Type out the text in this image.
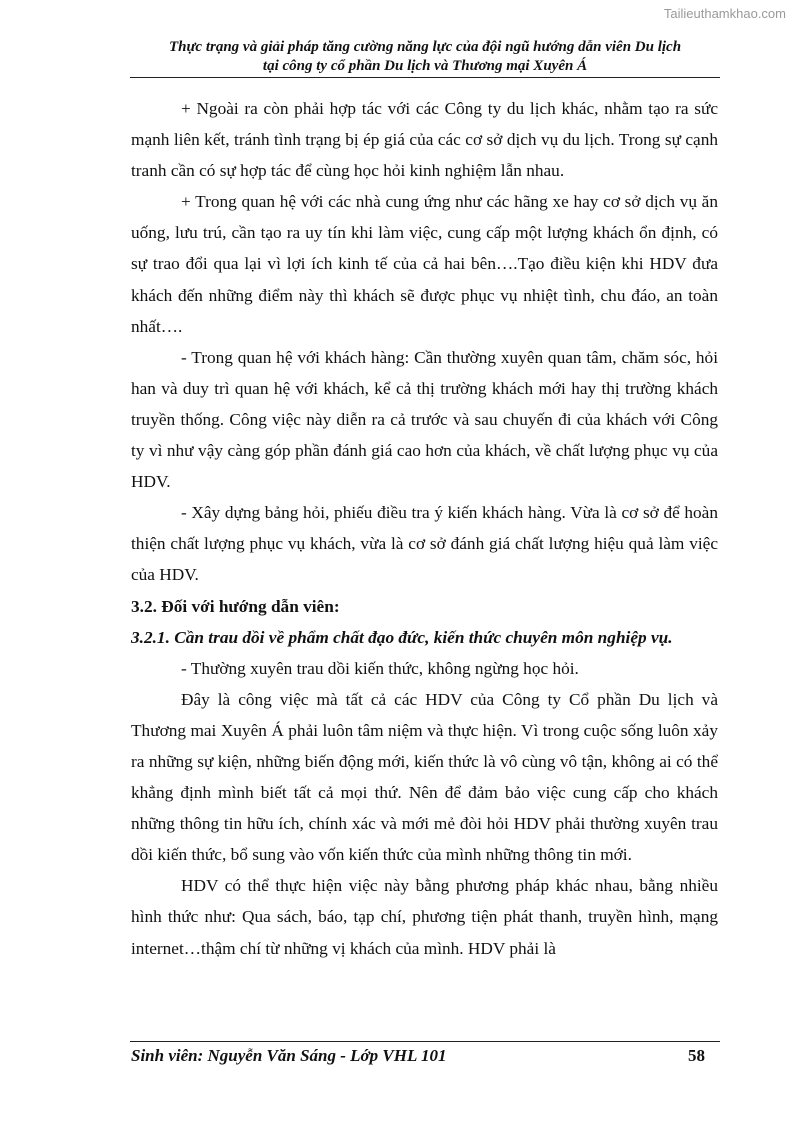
Tailieuthamkhao.com
Thực trạng và giải pháp tăng cường năng lực của đội ngũ hướng dẫn viên Du lịch
tại công ty cổ phần Du lịch và Thương mại Xuyên Á

+ Ngoài ra còn phải hợp tác với các Công ty du lịch khác, nhằm tạo ra sức mạnh liên kết, tránh tình trạng bị ép giá của các cơ sở dịch vụ du lịch. Trong sự cạnh tranh cần có sự hợp tác để cùng học hỏi kinh nghiệm lẫn nhau.

+ Trong quan hệ với các nhà cung ứng như các hãng xe hay cơ sở dịch vụ ăn uống, lưu trú, cần tạo ra uy tín khi làm việc, cung cấp một lượng khách ổn định, có sự trao đổi qua lại vì lợi ích kinh tế của cả hai bên….Tạo điều kiện khi HDV đưa khách đến những điểm này thì khách sẽ được phục vụ nhiệt tình, chu đáo, an toàn nhất….

- Trong quan hệ với khách hàng: Cần thường xuyên quan tâm, chăm sóc, hỏi han và duy trì quan hệ với khách, kể cả thị trường khách mới hay thị trường khách truyền thống. Công việc này diễn ra cả trước và sau chuyến đi của khách với Công ty vì như vậy càng góp phần đánh giá cao hơn của khách, về chất lượng phục vụ của HDV.

- Xây dựng bảng hỏi, phiếu điều tra ý kiến khách hàng. Vừa là cơ sở để hoàn thiện chất lượng phục vụ khách, vừa là cơ sở đánh giá chất lượng hiệu quả làm việc của HDV.

3.2. Đối với hướng dẫn viên:

3.2.1. Cần trau dồi về phẩm chất đạo đức, kiến thức chuyên môn nghiệp vụ.

- Thường xuyên trau dồi kiến thức, không ngừng học hỏi.

Đây là công việc mà tất cả các HDV của Công ty Cổ phần Du lịch và Thương mai Xuyên Á phải luôn tâm niệm và thực hiện. Vì trong cuộc sống luôn xảy ra những sự kiện, những biến động mới, kiến thức là vô cùng vô tận, không ai có thể khẳng định mình biết tất cả mọi thứ. Nên để đảm bảo việc cung cấp cho khách những thông tin hữu ích, chính xác và mới mẻ đòi hỏi HDV phải thường xuyên trau dồi kiến thức, bổ sung vào vốn kiến thức của mình những thông tin mới.

HDV có thể thực hiện việc này bằng phương pháp khác nhau, bằng nhiều hình thức như: Qua sách, báo, tạp chí, phương tiện phát thanh, truyền hình, mạng internet…thậm chí từ những vị khách của mình. HDV phải là

Sinh viên: Nguyễn Văn Sáng - Lớp VHL 101	58
